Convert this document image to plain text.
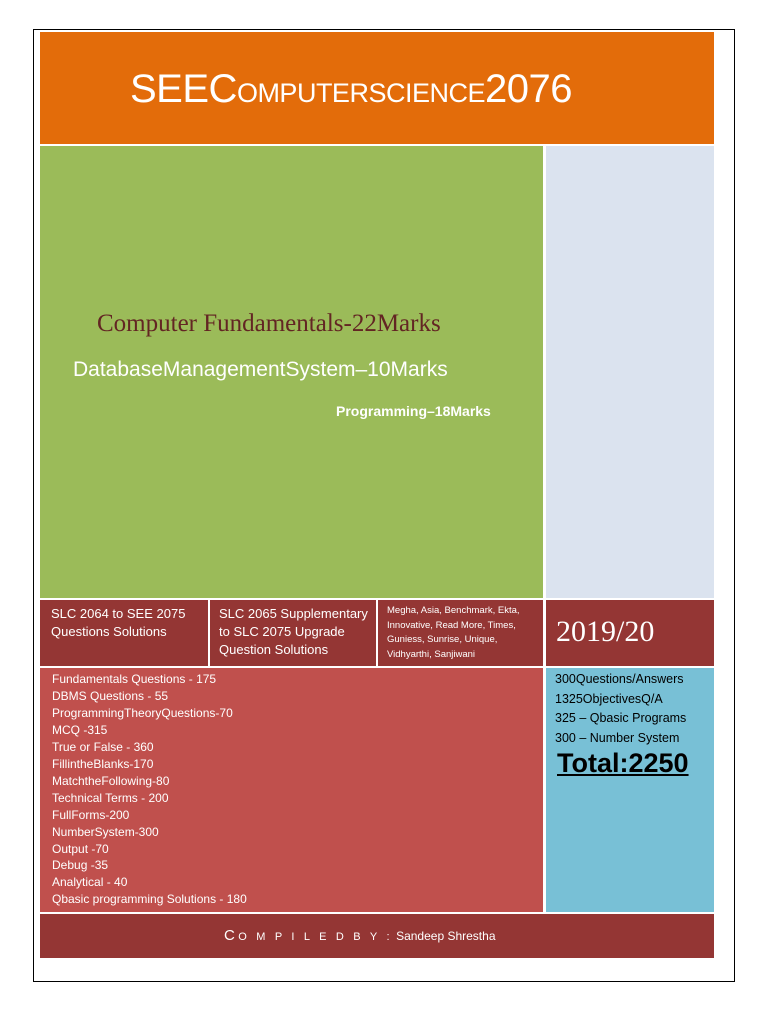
SEECOMPUTERSCIENCE2076
Computer Fundamentals-22Marks
DatabaseManagementSystem–10Marks
Programming–18Marks
SLC 2064 to SEE 2075 Questions Solutions
SLC 2065 Supplementary to SLC 2075 Upgrade Question Solutions
Megha, Asia, Benchmark, Ekta, Innovative, Read More, Times, Guniess, Sunrise, Unique, Vidhyarthi, Sanjiwani
2019/20
Fundamentals Questions - 175
DBMS Questions - 55
ProgrammingTheoryQuestions-70
MCQ -315
True or False - 360
FillintheBlanks-170
MatchtheFollowing-80
Technical Terms - 200
FullForms-200
NumberSystem-300
Output -70
Debug -35
Analytical - 40
Qbasic programming Solutions - 180
300Questions/Answers
1325ObjectivesQ/A
325 – Qbasic Programs
300 – Number System
Total:2250
C O M P I L E D B Y : Sandeep Shrestha
